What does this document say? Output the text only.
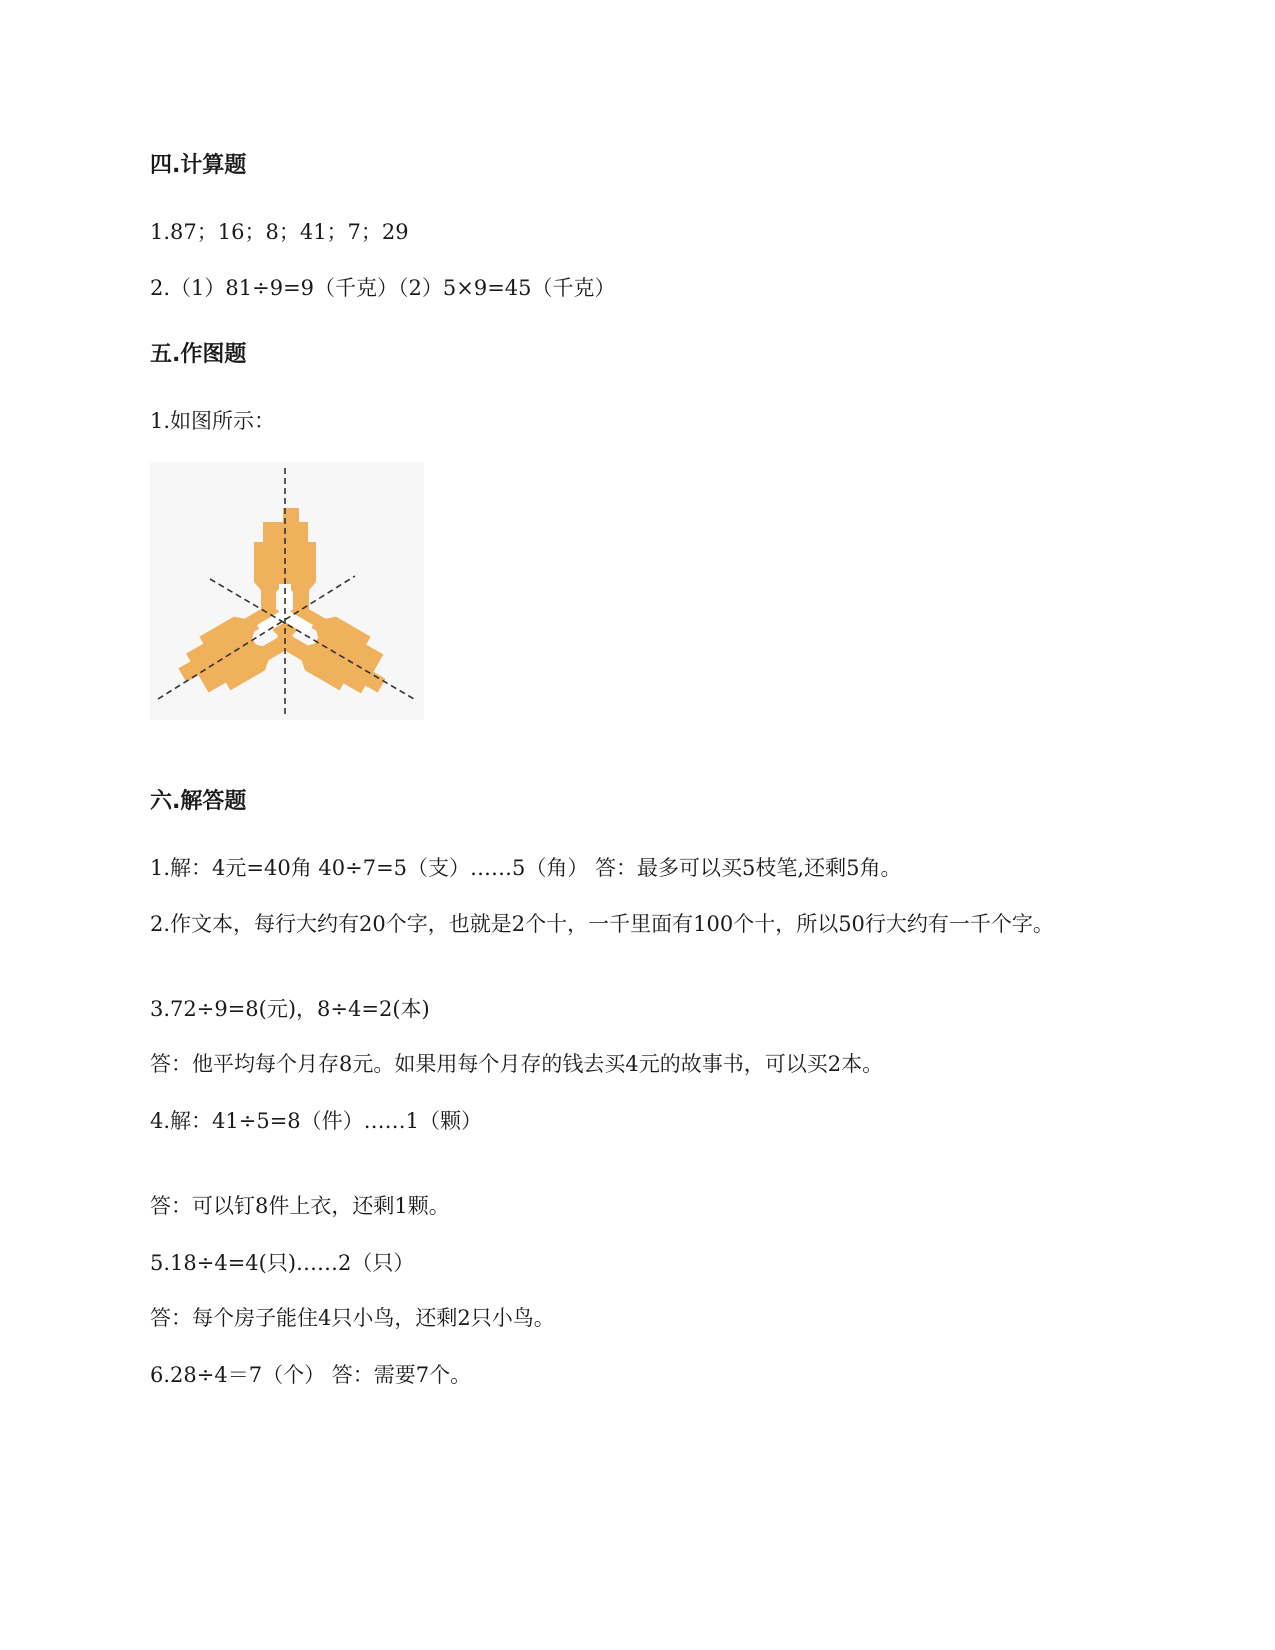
四.计算题
1.87；16；8；41；7；29
2.（1）81÷9=9（千克）（2）5×9=45（千克）
五.作图题
1.如图所示：
六.解答题
1.解：4元=40角 40÷7=5（支）……5（角） 答：最多可以买5枝笔,还剩5角。
2.作文本，每行大约有20个字，也就是2个十，一千里面有100个十，所以50行大约有一千个字。
3.72÷9=8(元)，8÷4=2(本)
答：他平均每个月存8元。如果用每个月存的钱去买4元的故事书，可以买2本。
4.解：41÷5=8（件）……1（颗）
答：可以钉8件上衣，还剩1颗。
5.18÷4=4(只)……2（只）
答：每个房子能住4只小鸟，还剩2只小鸟。
6.28÷4＝7（个） 答：需要7个。
